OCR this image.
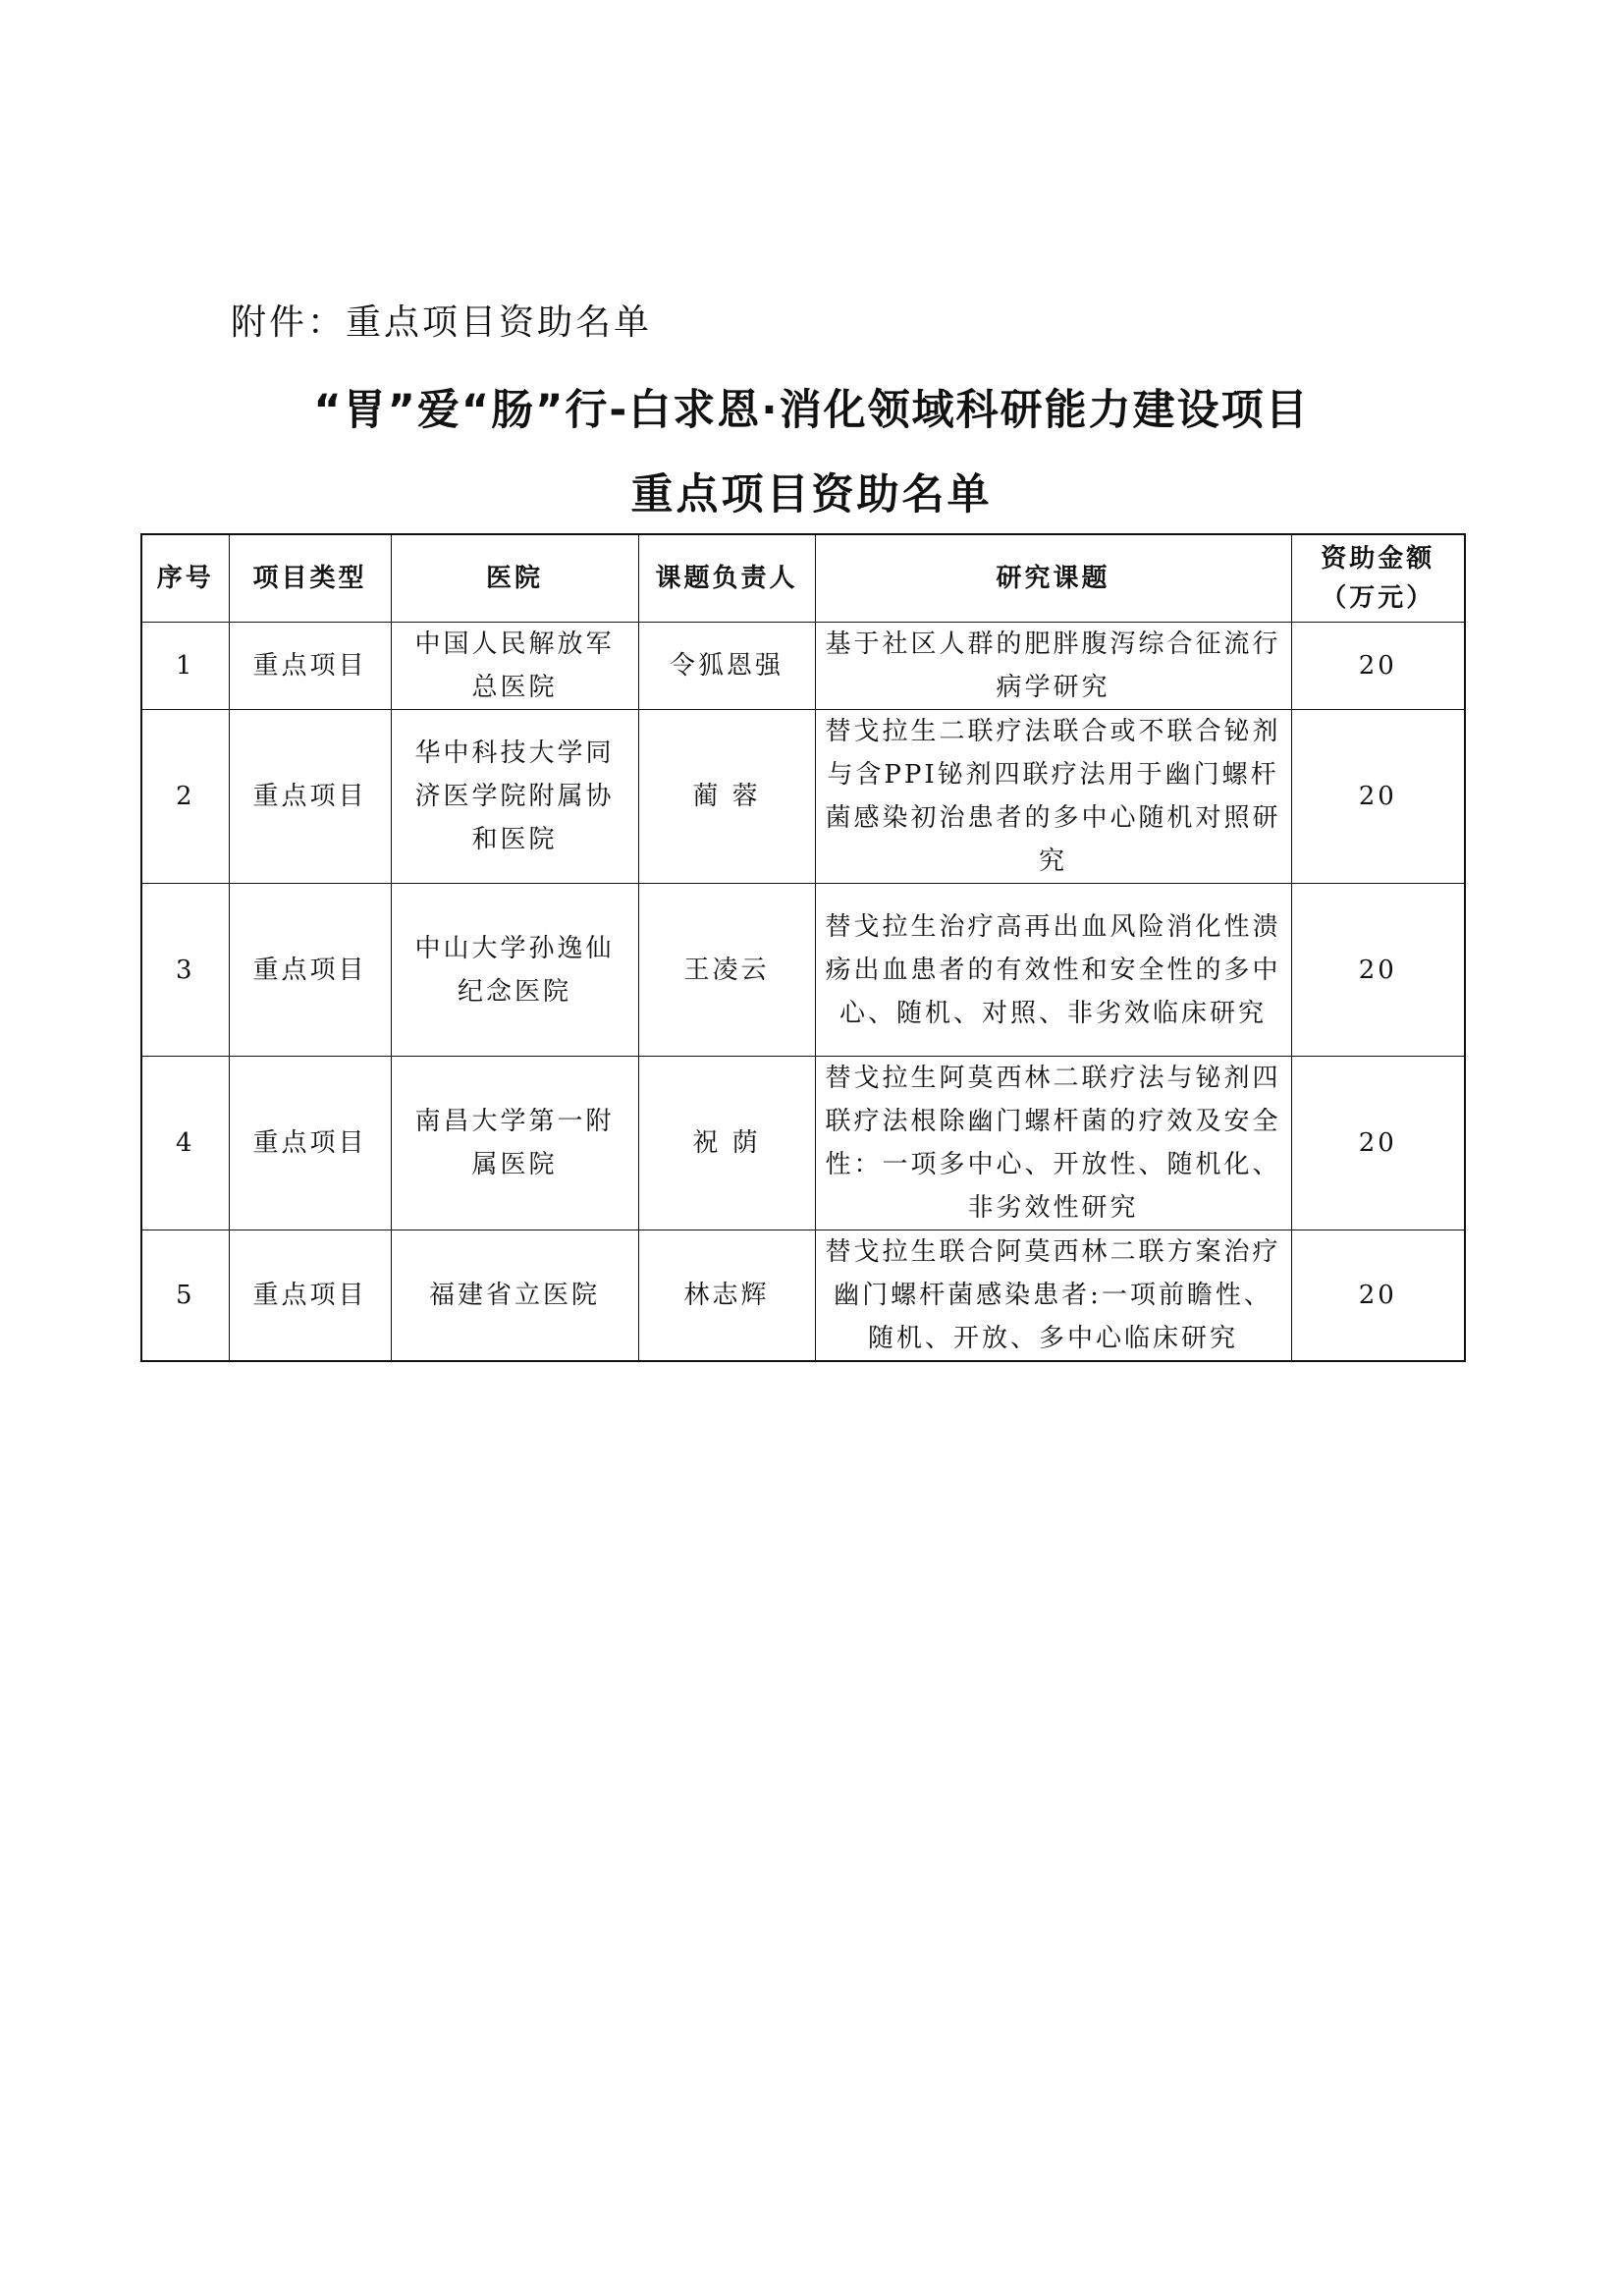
附件：重点项目资助名单
“胃”爱“肠”行-白求恩·消化领域科研能力建设项目
重点项目资助名单
序号	项目类型	医院	课题负责人	研究课题	资助金额（万元）
1	重点项目	中国人民解放军总医院	令狐恩强	基于社区人群的肥胖腹泻综合征流行病学研究	20
2	重点项目	华中科技大学同济医学院附属协和医院	蔺 蓉	替戈拉生二联疗法联合或不联合铋剂与含PPI铋剂四联疗法用于幽门螺杆菌感染初治患者的多中心随机对照研究	20
3	重点项目	中山大学孙逸仙纪念医院	王凌云	替戈拉生治疗高再出血风险消化性溃疡出血患者的有效性和安全性的多中心、随机、对照、非劣效临床研究	20
4	重点项目	南昌大学第一附属医院	祝 荫	替戈拉生阿莫西林二联疗法与铋剂四联疗法根除幽门螺杆菌的疗效及安全性：一项多中心、开放性、随机化、非劣效性研究	20
5	重点项目	福建省立医院	林志辉	替戈拉生联合阿莫西林二联方案治疗幽门螺杆菌感染患者:一项前瞻性、随机、开放、多中心临床研究	20
